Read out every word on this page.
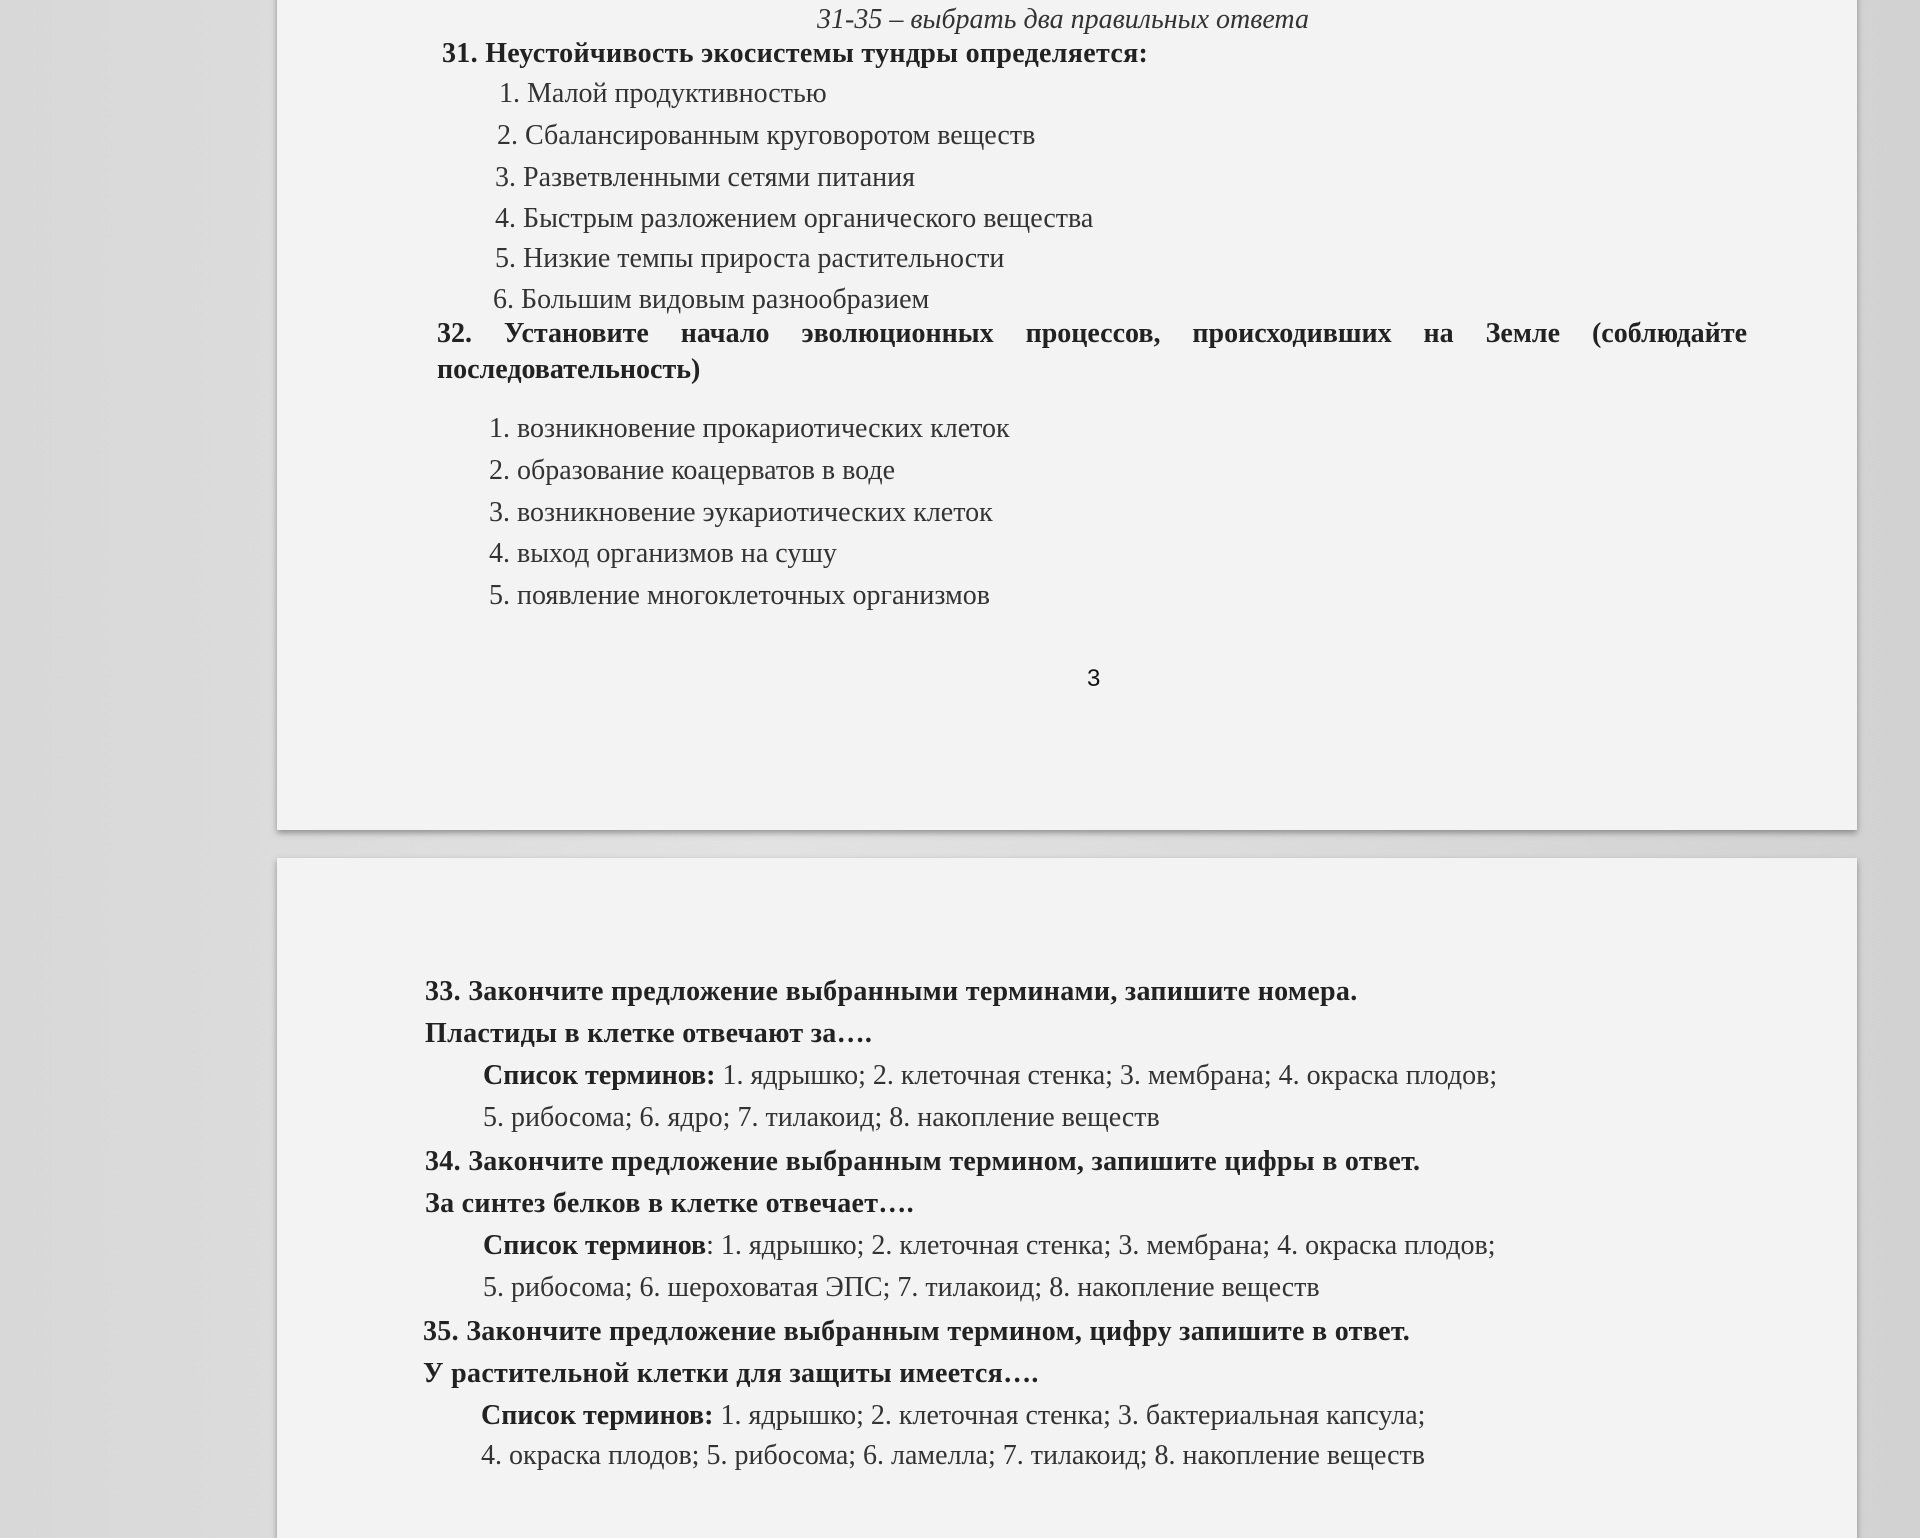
31-35 – выбрать два правильных ответа
31. Неустойчивость экосистемы тундры определяется:
1. Малой продуктивностью
2. Сбалансированным круговоротом веществ
3. Разветвленными сетями питания
4. Быстрым разложением органического вещества
5. Низкие темпы прироста растительности
6. Большим видовым разнообразием
32. Установите начало эволюционных процессов, происходивших на Земле (соблюдайте последовательность)
1. возникновение прокариотических клеток
2. образование коацерватов в воде
3. возникновение эукариотических клеток
4. выход организмов на сушу
5. появление многоклеточных организмов
3
33. Закончите предложение выбранными терминами, запишите номера.
Пластиды в клетке отвечают за….
Список терминов: 1. ядрышко; 2. клеточная стенка; 3. мембрана; 4. окраска плодов;
5. рибосома; 6. ядро; 7. тилакоид; 8. накопление веществ
34. Закончите предложение выбранным термином, запишите цифры в ответ.
За синтез белков в клетке отвечает….
Список терминов: 1. ядрышко; 2. клеточная стенка; 3. мембрана; 4. окраска плодов;
5. рибосома; 6. шероховатая ЭПС; 7. тилакоид; 8. накопление веществ
35. Закончите предложение выбранным термином, цифру запишите в ответ.
У растительной клетки для защиты имеется….
Список терминов: 1. ядрышко; 2. клеточная стенка; 3. бактериальная капсула;
4. окраска плодов; 5. рибосома; 6. ламелла; 7. тилакоид; 8. накопление веществ
